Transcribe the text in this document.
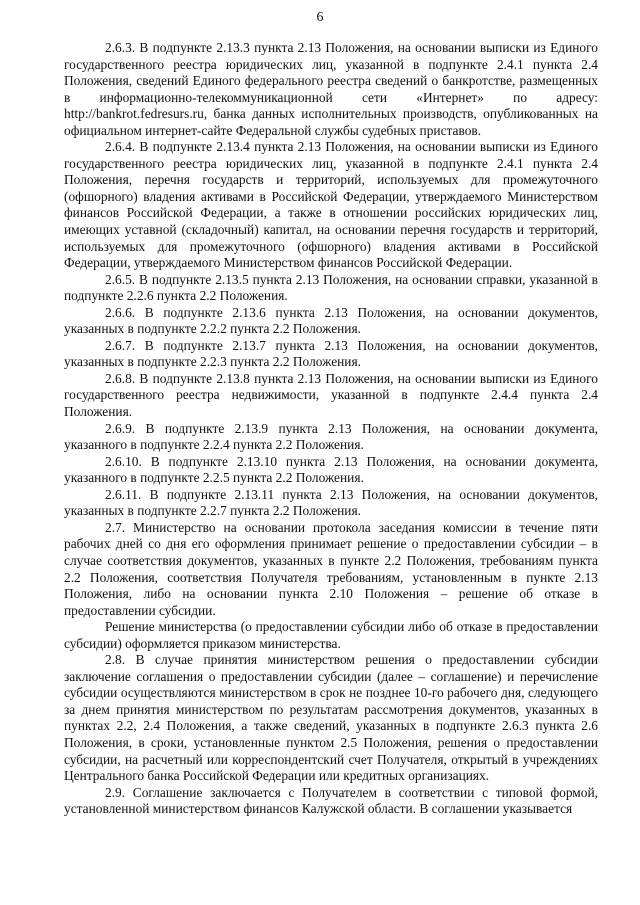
6

2.6.3. В подпункте 2.13.3 пункта 2.13 Положения, на основании выписки из Единого государственного реестра юридических лиц, указанной в подпункте 2.4.1 пункта 2.4 Положения, сведений Единого федерального реестра сведений о банкротстве, размещенных в информационно-телекоммуникационной сети «Интернет» по адресу: http://bankrot.fedresurs.ru, банка данных исполнительных производств, опубликованных на официальном интернет-сайте Федеральной службы судебных приставов.

2.6.4. В подпункте 2.13.4 пункта 2.13 Положения, на основании выписки из Единого государственного реестра юридических лиц, указанной в подпункте 2.4.1 пункта 2.4 Положения, перечня государств и территорий, используемых для промежуточного (офшорного) владения активами в Российской Федерации, утверждаемого Министерством финансов Российской Федерации, а также в отношении российских юридических лиц, имеющих уставной (складочный) капитал, на основании перечня государств и территорий, используемых для промежуточного (офшорного) владения активами в Российской Федерации, утверждаемого Министерством финансов Российской Федерации.

2.6.5. В подпункте 2.13.5 пункта 2.13 Положения, на основании справки, указанной в подпункте 2.2.6 пункта 2.2 Положения.

2.6.6. В подпункте 2.13.6 пункта 2.13 Положения, на основании документов, указанных в подпункте 2.2.2 пункта 2.2 Положения.

2.6.7. В подпункте 2.13.7 пункта 2.13 Положения, на основании документов, указанных в подпункте 2.2.3 пункта 2.2 Положения.

2.6.8. В подпункте 2.13.8 пункта 2.13 Положения, на основании выписки из Единого государственного реестра недвижимости, указанной в подпункте 2.4.4 пункта 2.4 Положения.

2.6.9. В подпункте 2.13.9 пункта 2.13 Положения, на основании документа, указанного в подпункте 2.2.4 пункта 2.2 Положения.

2.6.10. В подпункте 2.13.10 пункта 2.13 Положения, на основании документа, указанного в подпункте 2.2.5 пункта 2.2 Положения.

2.6.11. В подпункте 2.13.11 пункта 2.13 Положения, на основании документов, указанных в подпункте 2.2.7 пункта 2.2 Положения.

2.7. Министерство на основании протокола заседания комиссии в течение пяти рабочих дней со дня его оформления принимает решение о предоставлении субсидии – в случае соответствия документов, указанных в пункте 2.2 Положения, требованиям пункта 2.2 Положения, соответствия Получателя требованиям, установленным в пункте 2.13 Положения, либо на основании пункта 2.10 Положения – решение об отказе в предоставлении субсидии.

Решение министерства (о предоставлении субсидии либо об отказе в предоставлении субсидии) оформляется приказом министерства.

2.8. В случае принятия министерством решения о предоставлении субсидии заключение соглашения о предоставлении субсидии (далее – соглашение) и перечисление субсидии осуществляются министерством в срок не позднее 10-го рабочего дня, следующего за днем принятия министерством по результатам рассмотрения документов, указанных в пунктах 2.2, 2.4 Положения, а также сведений, указанных в подпункте 2.6.3 пункта 2.6 Положения, в сроки, установленные пунктом 2.5 Положения, решения о предоставлении субсидии, на расчетный или корреспондентский счет Получателя, открытый в учреждениях Центрального банка Российской Федерации или кредитных организациях.

2.9. Соглашение заключается с Получателем в соответствии с типовой формой, установленной министерством финансов Калужской области. В соглашении указывается
